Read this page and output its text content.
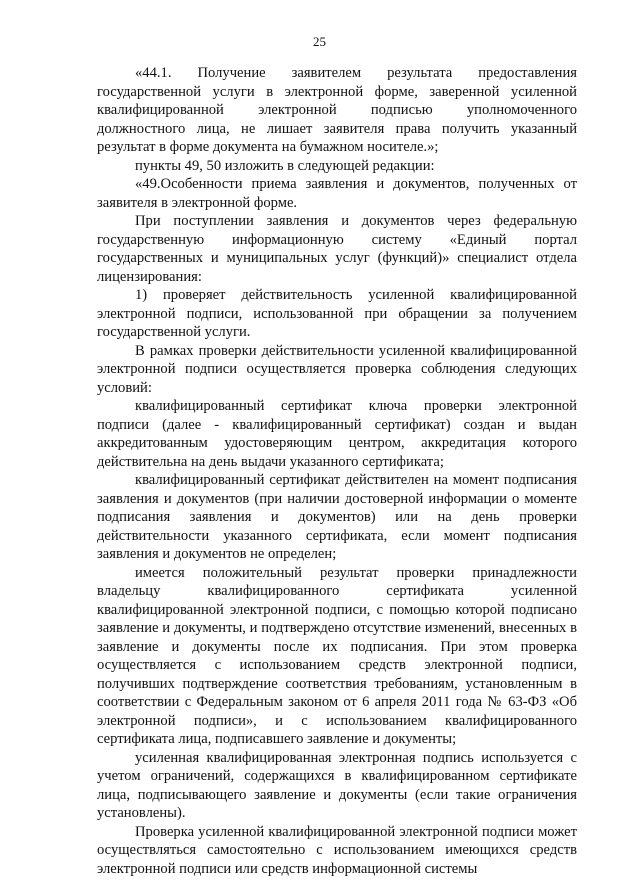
25

«44.1. Получение заявителем результата предоставления государственной услуги в электронной форме, заверенной усиленной квалифицированной электронной подписью уполномоченного должностного лица, не лишает заявителя права получить указанный результат в форме документа на бумажном носителе.»;

пункты 49, 50 изложить в следующей редакции:

«49.Особенности приема заявления и документов, полученных от заявителя в электронной форме.

При поступлении заявления и документов через федеральную государственную информационную систему «Единый портал государственных и муниципальных услуг (функций)» специалист отдела лицензирования:

1) проверяет действительность усиленной квалифицированной электронной подписи, использованной при обращении за получением государственной услуги.

В рамках проверки действительности усиленной квалифицированной электронной подписи осуществляется проверка соблюдения следующих условий:

квалифицированный сертификат ключа проверки электронной подписи (далее - квалифицированный сертификат) создан и выдан аккредитованным удостоверяющим центром, аккредитация которого действительна на день выдачи указанного сертификата;

квалифицированный сертификат действителен на момент подписания заявления и документов (при наличии достоверной информации о моменте подписания заявления и документов) или на день проверки действительности указанного сертификата, если момент подписания заявления и документов не определен;

имеется положительный результат проверки принадлежности владельцу квалифицированного сертификата усиленной квалифицированной электронной подписи, с помощью которой подписано заявление и документы, и подтверждено отсутствие изменений, внесенных в заявление и документы после их подписания. При этом проверка осуществляется с использованием средств электронной подписи, получивших подтверждение соответствия требованиям, установленным в соответствии с Федеральным законом от 6 апреля 2011 года № 63-ФЗ «Об электронной подписи», и с использованием квалифицированного сертификата лица, подписавшего заявление и документы;

усиленная квалифицированная электронная подпись используется с учетом ограничений, содержащихся в квалифицированном сертификате лица, подписывающего заявление и документы (если такие ограничения установлены).

Проверка усиленной квалифицированной электронной подписи может осуществляться самостоятельно с использованием имеющихся средств электронной подписи или средств информационной системы
